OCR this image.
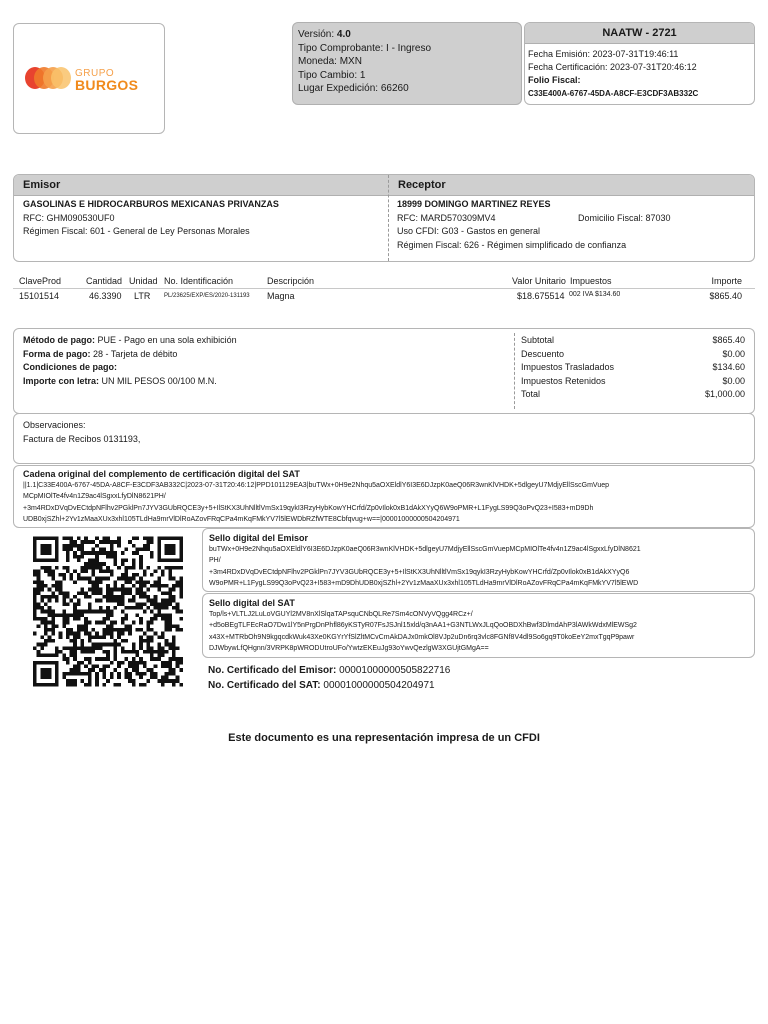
GRUPO
BURGOS
Versión: 4.0
Tipo Comprobante: I - Ingreso
Moneda: MXN
Tipo Cambio: 1
Lugar Expedición: 66260
NAATW - 2721
Fecha Emisión: 2023-07-31T19:46:11
Fecha Certificación: 2023-07-31T20:46:12
Folio Fiscal:
C33E400A-6767-45DA-A8CF-E3CDF3AB332C
Emisor	Receptor
GASOLINAS E HIDROCARBUROS MEXICANAS PRIVANZAS
RFC: GHM090530UF0
Régimen Fiscal: 601 - General de Ley Personas Morales
18999 DOMINGO MARTINEZ REYES
RFC: MARD570309MV4	Domicilio Fiscal: 87030
Uso CFDI: G03 - Gastos en general
Régimen Fiscal: 626 - Régimen simplificado de confianza
ClaveProd	Cantidad Unidad No. Identificación	Descripción	Valor Unitario Impuestos	Importe
15101514	46.3390 LTR PL/23625/EXP/ES/2020-131193 Magna	$18.675514 002 IVA $134.60	$865.40
Método de pago: PUE - Pago en una sola exhibición
Forma de pago: 28 - Tarjeta de débito
Condiciones de pago:
Importe con letra: UN MIL PESOS 00/100 M.N.
Subtotal	$865.40
Descuento	$0.00
Impuestos Trasladados	$134.60
Impuestos Retenidos	$0.00
Total	$1,000.00
Observaciones:
Factura de Recibos 0131193,
Cadena original del complemento de certificación digital del SAT
||1.1|C33E400A-6767-45DA-A8CF-E3CDF3AB332C|2023-07-31T20:46:12|PPD101129EA3|buTWx+0H9e2Nhqu5aOXEldlY6I3E6DJzpK0aeQ06R3wnKlVHDK+5dlgeyU7MdjyEllSscGmVuep
MCpMIOlTe4fv4n1Z9ac4lSgxxLfyDlN8621PH/
+3m4RDxDVqDvECtdpNFlhv2PGklPn7JYV3GUbRQCE3y+5+IlStKX3UhNlltlVmSx19qykI3RzyHybKowYHCrfd/Zp0vIlok0xB1dAkXYyQ6W9oPMR+L1FygLS99Q3oPvQ23+I583+mD9Dh
UDB0xjSZhl+2Yv1zMaaXUx3xhl105TLdHa9mrVlDlRoAZovFRqCPa4mKqFMkYV7l5lEWDbRZfWTE8Cbfqvug+w==|00001000000504204971
Sello digital del Emisor
buTWx+0H9e2Nhqu5aOXEldlY6I3E6DJzpK0aeQ06R3wnKlVHDK+5dlgeyU7MdjyEllSscGmVuepMCpMIOlTe4fv4n1Z9ac4lSgxxLfyDlN8621
PH/
+3m4RDxDVqDvECtdpNFlhv2PGklPn7JYV3GUbRQCE3y+5+IlStKX3UhNlltlVmSx19qykI3RzyHybKowYHCrfd/Zp0vIlok0xB1dAkXYyQ6
W9oPMR+L1FygLS99Q3oPvQ23+I583+mD9DhUDB0xjSZhl+2Yv1zMaaXUx3xhl105TLdHa9mrVlDlRoAZovFRqCPa4mKqFMkYV7l5lEWD
Sello digital del SAT
Top/ls+VLTLJ2LuLoVGUYl2MV8nXlSlqaTAPsquCNbQLRe7Sm4cONVyVQgg4RCz+/
+d5oBEgTLFEcRaO7Dw1lY5nPrgDnPhfl86yKSTyR07FsJSJnl15xld/q3nAA1+G3NTLWxJLqQoOBDXhBwf3DlmdAhP3lAWkWdxMlEWSg2
x43X+MTRbOh9N9kgqcdkWuk43Xe0KGYrYfSlZltMCvCmAkDAJx0mkOl8VJp2uDn6rq3vlc8FGNf8V4dl9So6gq9T0koEeY2mxTgqP9pawr
DJWbywLfQHgnn/3VRPK8pWRODUtroUFo/YwtzEKEuJg93oYwvQezlgW3XGUjtGMgA==
No. Certificado del Emisor: 00001000000505822716
No. Certificado del SAT: 00001000000504204971
Este documento es una representación impresa de un CFDI
